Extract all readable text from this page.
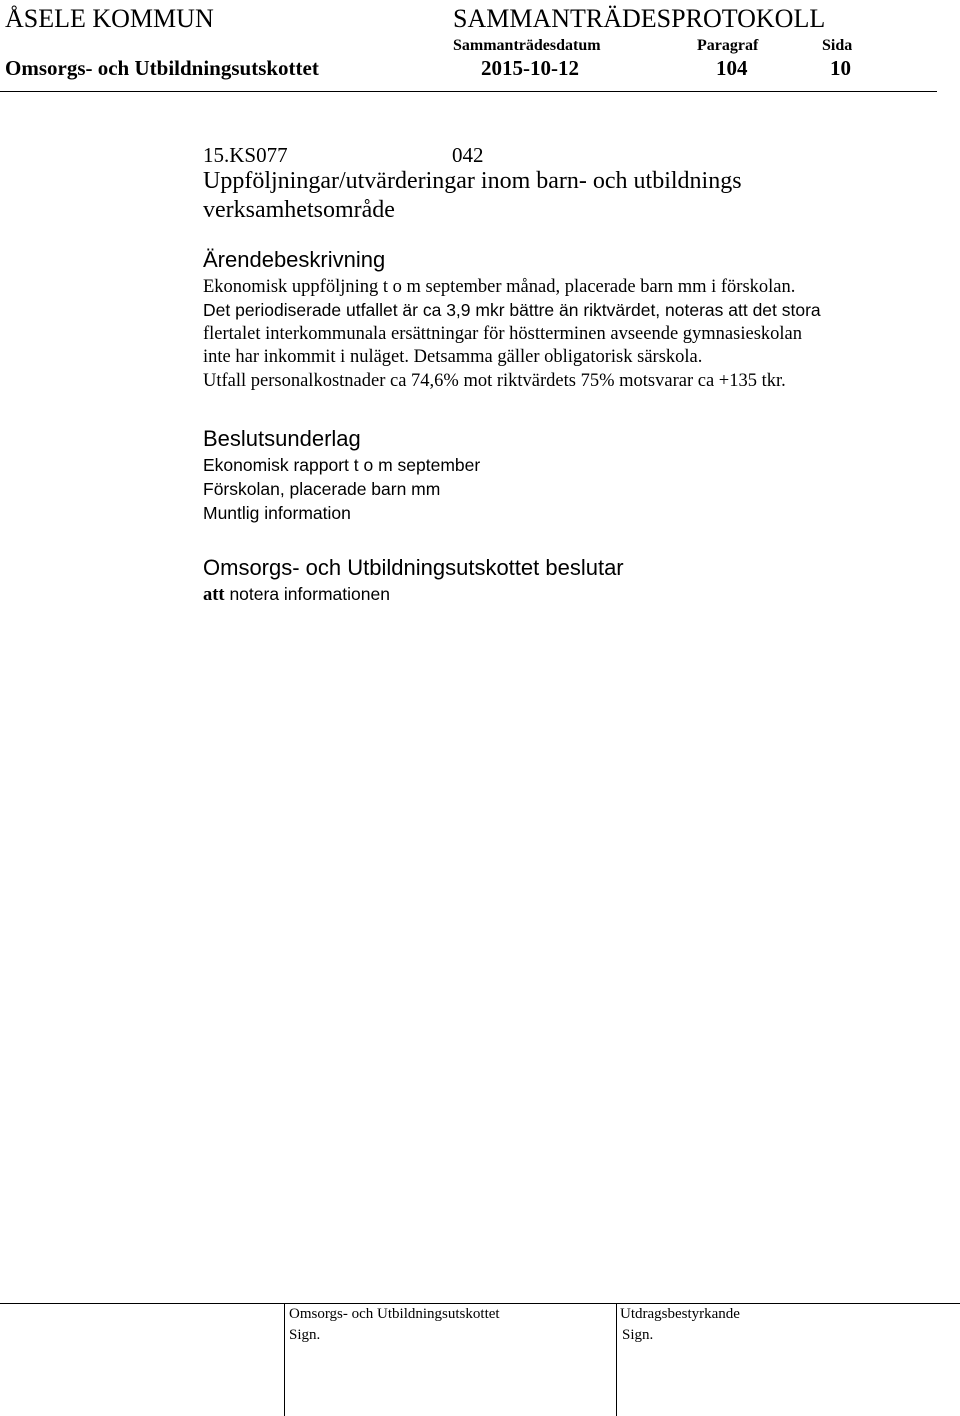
ÅSELE KOMMUN	SAMMANTRÄDESPROTOKOLL
Sammanträdesdatum	Paragraf	Sida
Omsorgs- och Utbildningsutskottet	2015-10-12	104	10
15.KS077	042
Uppföljningar/utvärderingar inom barn- och utbildnings verksamhetsområde
Ärendebeskrivning
Ekonomisk uppföljning t o m september månad, placerade barn mm i förskolan.
Det periodiserade utfallet är ca 3,9 mkr bättre än riktvärdet, noteras att det stora
flertalet interkommunala ersättningar för höstterminen avseende gymnasieskolan
inte har inkommit i nuläget. Detsamma gäller obligatorisk särskola.
Utfall personalkostnader ca 74,6% mot riktvärdets 75% motsvarar ca +135 tkr.
Beslutsunderlag
Ekonomisk rapport t o m september
Förskolan, placerade barn mm
Muntlig information
Omsorgs- och Utbildningsutskottet beslutar
att notera informationen
Omsorgs- och Utbildningsutskottet
Sign.
Utdragsbestyrkande
Sign.
